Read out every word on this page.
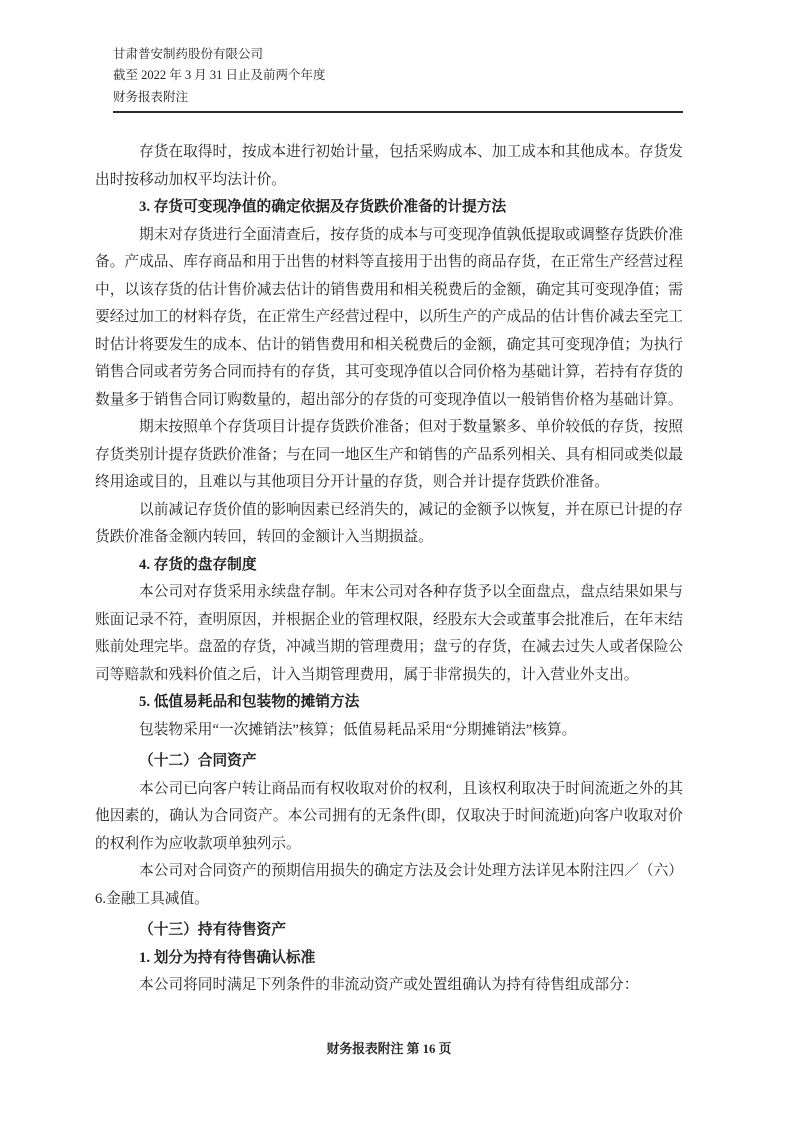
甘肃普安制药股份有限公司
截至 2022 年 3 月 31 日止及前两个年度
财务报表附注

存货在取得时，按成本进行初始计量，包括采购成本、加工成本和其他成本。存货发出时按移动加权平均法计价。

3. 存货可变现净值的确定依据及存货跌价准备的计提方法

期末对存货进行全面清查后，按存货的成本与可变现净值孰低提取或调整存货跌价准备。产成品、库存商品和用于出售的材料等直接用于出售的商品存货，在正常生产经营过程中，以该存货的估计售价减去估计的销售费用和相关税费后的金额，确定其可变现净值；需要经过加工的材料存货，在正常生产经营过程中，以所生产的产成品的估计售价减去至完工时估计将要发生的成本、估计的销售费用和相关税费后的金额，确定其可变现净值；为执行销售合同或者劳务合同而持有的存货，其可变现净值以合同价格为基础计算，若持有存货的数量多于销售合同订购数量的，超出部分的存货的可变现净值以一般销售价格为基础计算。

期末按照单个存货项目计提存货跌价准备；但对于数量繁多、单价较低的存货，按照存货类别计提存货跌价准备；与在同一地区生产和销售的产品系列相关、具有相同或类似最终用途或目的，且难以与其他项目分开计量的存货，则合并计提存货跌价准备。

以前减记存货价值的影响因素已经消失的，减记的金额予以恢复，并在原已计提的存货跌价准备金额内转回，转回的金额计入当期损益。

4. 存货的盘存制度

本公司对存货采用永续盘存制。年末公司对各种存货予以全面盘点，盘点结果如果与账面记录不符，查明原因，并根据企业的管理权限，经股东大会或董事会批准后，在年末结账前处理完毕。盘盈的存货，冲减当期的管理费用；盘亏的存货，在减去过失人或者保险公司等赔款和残料价值之后，计入当期管理费用，属于非常损失的，计入营业外支出。

5. 低值易耗品和包装物的摊销方法

包装物采用“一次摊销法”核算；低值易耗品采用“分期摊销法”核算。

（十二）合同资产

本公司已向客户转让商品而有权收取对价的权利，且该权利取决于时间流逝之外的其他因素的，确认为合同资产。本公司拥有的无条件(即，仅取决于时间流逝)向客户收取对价的权利作为应收款项单独列示。

本公司对合同资产的预期信用损失的确定方法及会计处理方法详见本附注四／（六）6.金融工具减值。

（十三）持有待售资产

1. 划分为持有待售确认标准

本公司将同时满足下列条件的非流动资产或处置组确认为持有待售组成部分：

财务报表附注 第 16 页
